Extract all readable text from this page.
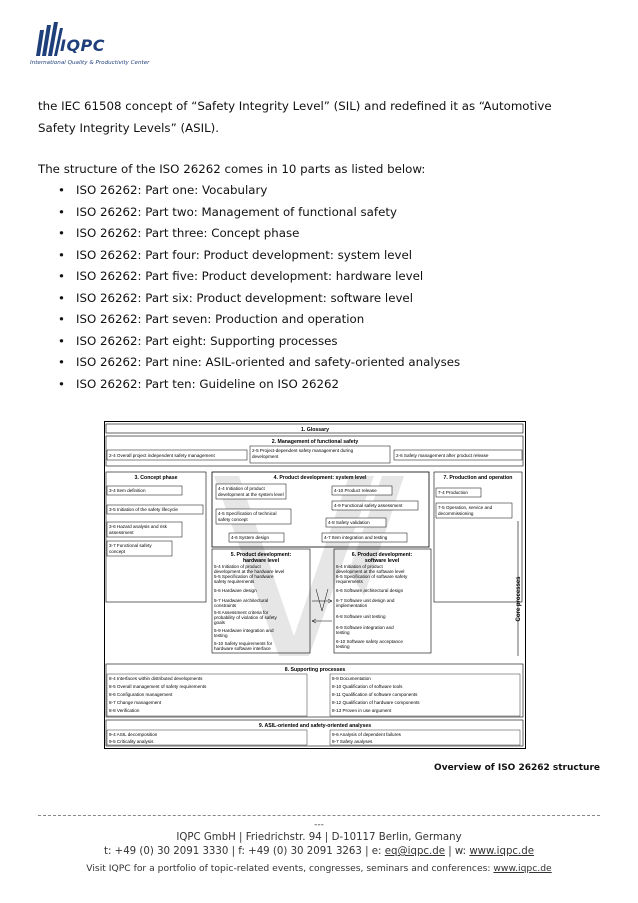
IQPC
International Quality & Productivity Center
the IEC 61508 concept of “Safety Integrity Level” (SIL) and redefined it as “Automotive
Safety Integrity Levels” (ASIL).
The structure of the ISO 26262 comes in 10 parts as listed below:
• ISO 26262: Part one: Vocabulary
• ISO 26262: Part two: Management of functional safety
• ISO 26262: Part three: Concept phase
• ISO 26262: Part four: Product development: system level
• ISO 26262: Part five: Product development: hardware level
• ISO 26262: Part six: Product development: software level
• ISO 26262: Part seven: Production and operation
• ISO 26262: Part eight: Supporting processes
• ISO 26262: Part nine: ASIL-oriented and safety-oriented analyses
• ISO 26262: Part ten: Guideline on ISO 26262
1. Glossary
2. Management of functional safety
2-4 Overall project independent safety management
2-5 Project-dependent safety management during
development	2-6 Safety management after product release
3. Concept phase
3-4 Item definition
3-5 Initiation of the safety lifecycle
3-6 Hazard analysis and risk
assessment
3-7 Functional safety
concept
4. Product development: system level
4-4 Initiation of product
development at the system level
4-10 Product release
4-9 Functional safety assessment
4-5 Specification of technical
safety concept
4-8 Safety validation
4-6 System design	4-7 Item integration and testing
5. Product development:
hardware level
5-4 Initiation of product
development at the hardware level
5-5 Specification of hardware
safety requirements
5-6 Hardware design
5-7 Hardware architectural
constraints
5-8 Assessment criteria for
probability of violation of safety
goals
5-9 Hardware integration and
testing
5-10 Safety requirements for
hardware software interface
6. Product development:
software level
6-4 Initiation of product
development at the software level
6-5 Specification of software safety
requirements
6-6 Software architectural design
6-7 Software unit design and
implementation
6-8 Software unit testing
6-9 Software integration and
testing
6-10 Software safety acceptance
testing
7. Production and operation
7-4 Production
7-5 Operation, service and
decommissioning
Core processes
8. Supporting processes
8-4 Interfaces within distributed developments
8-5 Overall management of safety requirements
8-6 Configuration management
8-7 Change management
8-8 Verification
8-9 Documentation
8-10 Qualification of software tools
8-11 Qualification of software components
8-12 Qualification of hardware components
8-13 Proven in use argument
9. ASIL-oriented and safety-oriented analyses
9-4 ASIL decomposition
9-5 Criticality analysis
9-6 Analysis of dependent failures
9-7 Safety analyses
Overview of ISO 26262 structure
---
IQPC GmbH | Friedrichstr. 94 | D-10117 Berlin, Germany
t: +49 (0) 30 2091 3330 | f: +49 (0) 30 2091 3263 | e: eq@iqpc.de | w: www.iqpc.de
Visit IQPC for a portfolio of topic-related events, congresses, seminars and conferences: www.iqpc.de
